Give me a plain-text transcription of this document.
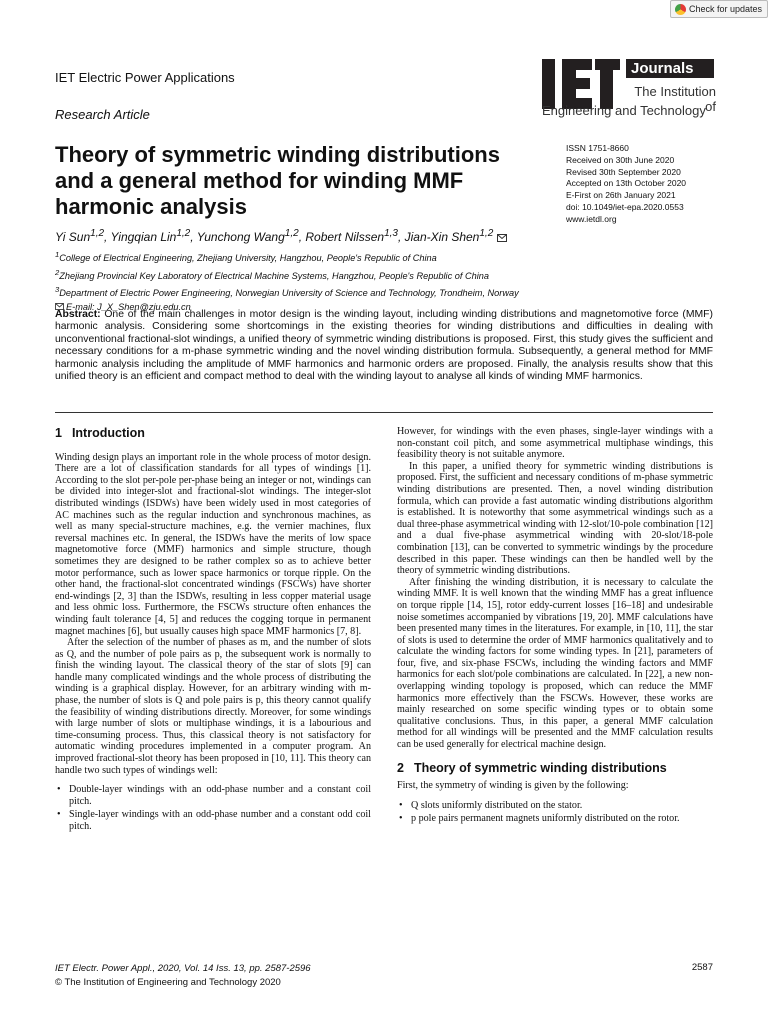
Check for updates
IET Electric Power Applications
Research Article
Journals
The Institution of
Engineering and Technology
Theory of symmetric winding distributions and a general method for winding MMF harmonic analysis
ISSN 1751-8660
Received on 30th June 2020
Revised 30th September 2020
Accepted on 13th October 2020
E-First on 26th January 2021
doi: 10.1049/iet-epa.2020.0553
www.ietdl.org
Yi Sun$^{1,2}$, Yingqian Lin$^{1,2}$, Yunchong Wang$^{1,2}$, Robert Nilssen$^{1,3}$, Jian-Xin Shen$^{1,2}$
$^1$College of Electrical Engineering, Zhejiang University, Hangzhou, People's Republic of China
$^2$Zhejiang Provincial Key Laboratory of Electrical Machine Systems, Hangzhou, People's Republic of China
$^3$Department of Electric Power Engineering, Norwegian University of Science and Technology, Trondheim, Norway
E-mail: J_X_Shen@zju.edu.cn
Abstract: One of the main challenges in motor design is the winding layout, including winding distributions and magnetomotive force (MMF) harmonic analysis. Considering some shortcomings in the existing theories for winding distributions and difficulties in dealing with unconventional fractional-slot windings, a unified theory of symmetric winding distributions is proposed. First, this study gives the sufficient and necessary conditions for a m-phase symmetric winding and the novel winding distribution formula. Subsequently, a general method for MMF harmonic analysis including the amplitude of MMF harmonics and harmonic orders are proposed. Finally, the analysis results show that this unified theory is an efficient and compact method to deal with the winding layout to analyse all kinds of winding MMF harmonics.
1 Introduction

Winding design plays an important role in the whole process of motor design. There are a lot of classification standards for all types of windings [1]. According to the slot per-pole per-phase being an integer or not, windings can be divided into integer-slot and fractional-slot windings. The integer-slot distributed windings (ISDWs) have been widely used in most categories of AC machines such as the regular induction and synchronous machines, as well as many special-structure machines, e.g. the vernier machines, flux reversal machines etc. In general, the ISDWs have the merits of low space magnetomotive force (MMF) harmonics and simple structure, though sometimes they are designed to be rather complex so as to achieve better motor performance, such as lower space harmonics or torque ripple. On the other hand, the fractional-slot concentrated windings (FSCWs) have shorter end-windings [2, 3] than the ISDWs, resulting in less copper material usage and less ohmic loss. Furthermore, the FSCWs structure often enhances the winding fault tolerance [4, 5] and reduces the cogging torque in permanent magnet machines [6], but usually causes high space MMF harmonics [7, 8].

After the selection of the number of phases as m, and the number of slots as Q, and the number of pole pairs as p, the subsequent work is normally to finish the winding layout. The classical theory of the star of slots [9] can handle many complicated windings and the whole process of distributing the winding is a graphical display. However, for an arbitrary winding with m-phase, the number of slots is Q and pole pairs is p, this theory cannot qualify the feasibility of winding distributions directly. Moreover, for some windings with large number of slots or multiphase windings, it is a labourious and time-consuming process. Thus, this classical theory is not satisfactory for automatic winding procedures implemented in a computer program. An improved fractional-slot theory has been proposed in [10, 11]. This theory can handle two such types of windings well:

• Double-layer windings with an odd-phase number and a constant coil pitch.
• Single-layer windings with an odd-phase number and a constant odd coil pitch.

However, for windings with the even phases, single-layer windings with a non-constant coil pitch, and some asymmetrical multiphase windings, this feasibility theory is not suitable anymore.

In this paper, a unified theory for symmetric winding distributions is proposed. First, the sufficient and necessary conditions of m-phase symmetric winding distributions are presented. Then, a novel winding distribution formula, which can provide a fast automatic winding distributions algorithm is established. It is noteworthy that some asymmetrical windings such as a dual three-phase asymmetrical winding with 12-slot/10-pole combination [12] and a dual five-phase asymmetrical winding with 20-slot/18-pole combination [13], can be converted to symmetric windings by the procedure described in this paper. These windings can then be handled well by the theory of symmetric winding distributions.

After finishing the winding distribution, it is necessary to calculate the winding MMF. It is well known that the winding MMF has a great influence on torque ripple [14, 15], rotor eddy-current losses [16–18] and undesirable noise sometimes accompanied by vibrations [19, 20]. MMF calculations have been presented many times in the literatures. For example, in [10, 11], the star of slots is used to determine the order of MMF harmonics qualitatively and to calculate the winding factors for some winding types. In [21], parameters of four, five, and six-phase FSCWs, including the winding factors and MMF harmonics for each slot/pole combinations are calculated. In [22], a new non-overlapping winding topology is proposed, which can reduce the MMF harmonics more effectively than the FSCWs. However, these works are mainly researched on some specific winding types or to obtain some qualitative conclusions. Thus, in this paper, a general MMF calculation method for all windings will be presented and the MMF calculation results can be used generally for electrical machine design.

2 Theory of symmetric winding distributions

First, the symmetry of winding is given by the following:

• Q slots uniformly distributed on the stator.
• p pole pairs permanent magnets uniformly distributed on the rotor.
IET Electr. Power Appl., 2020, Vol. 14 Iss. 13, pp. 2587-2596
© The Institution of Engineering and Technology 2020
2587
